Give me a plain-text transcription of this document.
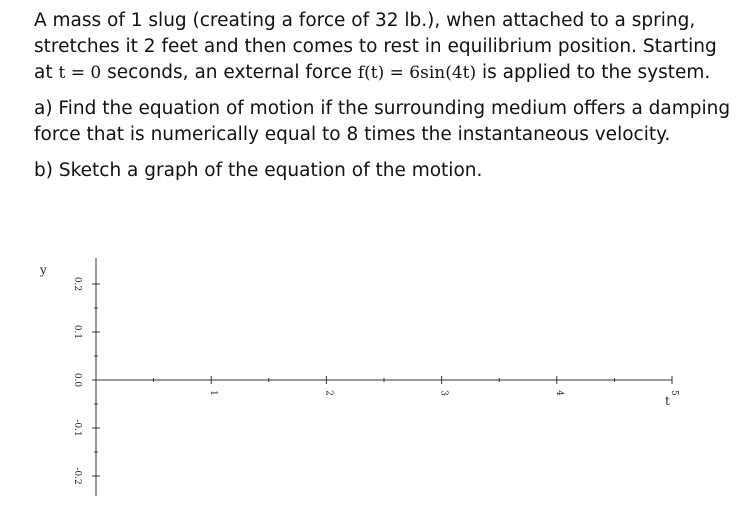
A mass of 1 slug (creating a force of 32 lb.), when attached to a spring, stretches it 2 feet and then comes to rest in equilibrium position. Starting at t = 0 seconds, an external force f(t) = 6sin(4t) is applied to the system.

a) Find the equation of motion if the surrounding medium offers a damping force that is numerically equal to 8 times the instantaneous velocity.

b) Sketch a graph of the equation of the motion.

y
t
0.2
0.1
0.0
-0.1
-0.2
1	2	3	4	5
